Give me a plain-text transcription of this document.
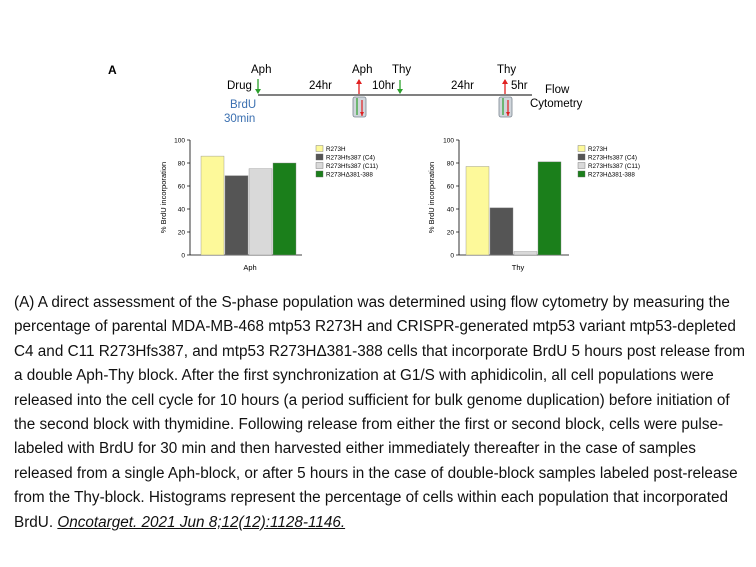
A	Aph
Drug
BrdU
30min
24hr
Aph Thy
10hr	24hr
Thy
5hr Flow
Cytometry
0
20
40
60
80
100
% BrdU incorporation
Aph
R273H
R273Hfs387 (C4)
R273Hfs387 (C11)
R273HΔ381-388
0
20
40
60
80
100
% BrdU incorporation
Thy
R273H
R273Hfs387 (C4)
R273Hfs387 (C11)
R273HΔ381-388
(A) A direct assessment of the S-phase population was determined using flow cytometry by measuring the percentage of parental MDA-MB-468 mtp53 R273H and CRISPR-generated mtp53 variant mtp53-depleted C4 and C11 R273Hfs387, and mtp53 R273HΔ381-388 cells that incorporate BrdU 5 hours post release from a double Aph-Thy block. After the first synchronization at G1/S with aphidicolin, all cell populations were released into the cell cycle for 10 hours (a period sufficient for bulk genome duplication) before initiation of the second block with thymidine. Following release from either the first or second block, cells were pulse-labeled with BrdU for 30 min and then harvested either immediately thereafter in the case of samples released from a single Aph-block, or after 5 hours in the case of double-block samples labeled post-release from the Thy-block. Histograms represent the percentage of cells within each population that incorporated BrdU. Oncotarget. 2021 Jun 8;12(12):1128-1146.
